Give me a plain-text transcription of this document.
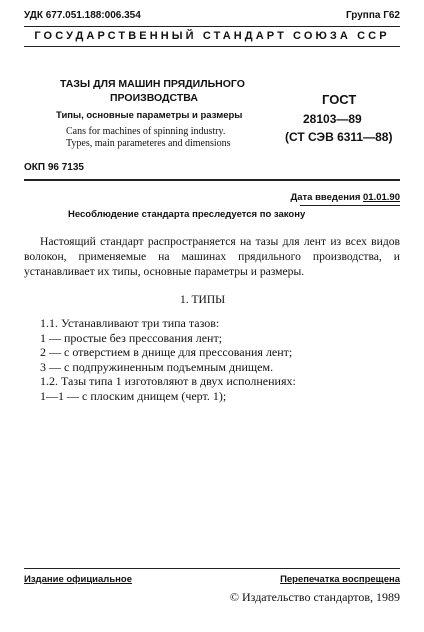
УДК 677.051.188:006.354	Группа Г62
ГОСУДАРСТВЕННЫЙ СТАНДАРТ СОЮЗА ССР
ТАЗЫ ДЛЯ МАШИН ПРЯДИЛЬНОГО
ПРОИЗВОДСТВА
Типы, основные параметры и размеры
Cans for machines of spinning industry.
Types, main parameteres and dimensions
ГОСТ
28103—89
(СТ СЭВ 6311—88)
ОКП 96 7135
Дата введения 01.01.90
Несоблюдение стандарта преследуется по закону
Настоящий стандарт распространяется на тазы для лент из всех видов волокон, применяемые на машинах прядильного производства, и устанавливает их типы, основные параметры и размеры.
1. ТИПЫ
1.1. Устанавливают три типа тазов:
1 — простые без прессования лент;
2 — с отверстием в днище для прессования лент;
3 — с подпружиненным подъемным днищем.
1.2. Тазы типа 1 изготовляют в двух исполнениях:
1—1 — с плоским днищем (черт. 1);
Издание официальное	Перепечатка воспрещена
© Издательство стандартов, 1989
